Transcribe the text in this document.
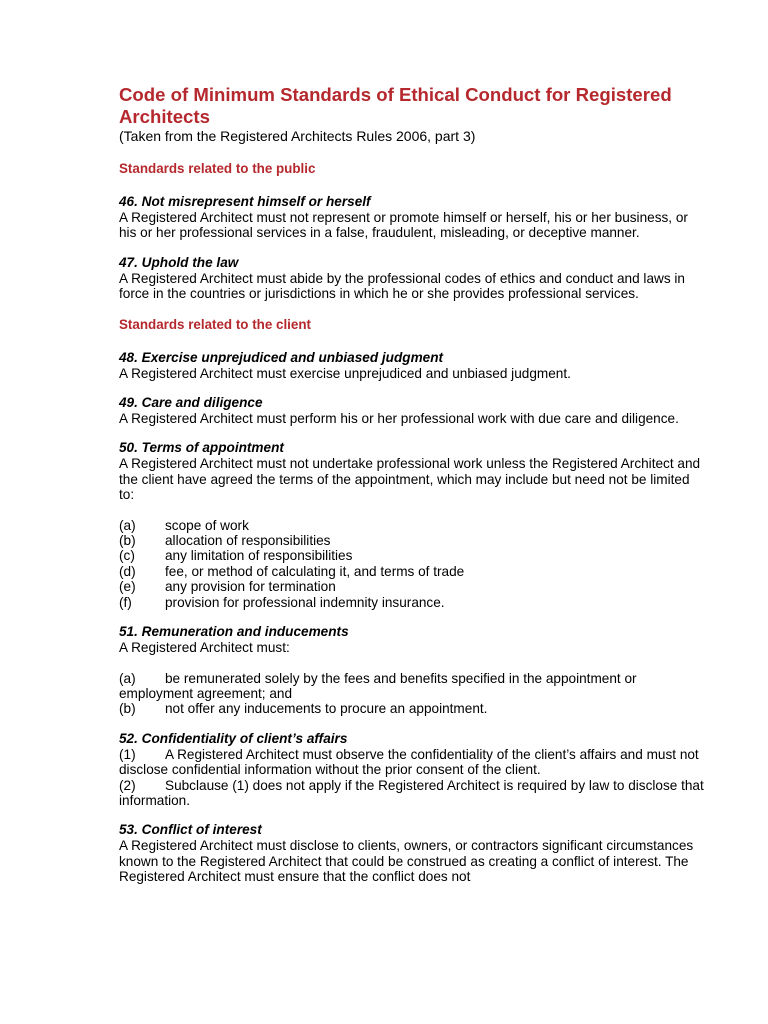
Code of Minimum Standards of Ethical Conduct for Registered Architects

(Taken from the Registered Architects Rules 2006, part 3)

Standards related to the public
46. Not misrepresent himself or herself

A Registered Architect must not represent or promote himself or herself, his or her business, or his or her professional services in a false, fraudulent, misleading, or deceptive manner.

47. Uphold the law

A Registered Architect must abide by the professional codes of ethics and conduct and laws in force in the countries or jurisdictions in which he or she provides professional services.

Standards related to the client
48. Exercise unprejudiced and unbiased judgment

A Registered Architect must exercise unprejudiced and unbiased judgment.

49. Care and diligence

A Registered Architect must perform his or her professional work with due care and diligence.

50. Terms of appointment

A Registered Architect must not undertake professional work unless the Registered Architect and the client have agreed the terms of the appointment, which may include but need not be limited to:

(a) scope of work
(b) allocation of responsibilities
(c) any limitation of responsibilities
(d) fee, or method of calculating it, and terms of trade
(e) any provision for termination
(f) provision for professional indemnity insurance.
51. Remuneration and inducements

A Registered Architect must:

(a) be remunerated solely by the fees and benefits specified in the appointment or employment agreement; and
(b) not offer any inducements to procure an appointment.
52. Confidentiality of client’s affairs
(1) A Registered Architect must observe the confidentiality of the client’s affairs and must not disclose confidential information without the prior consent of the client.
(2) Subclause (1) does not apply if the Registered Architect is required by law to disclose that information.
53. Conflict of interest

A Registered Architect must disclose to clients, owners, or contractors significant circumstances known to the Registered Architect that could be construed as creating a conflict of interest. The Registered Architect must ensure that the conflict does not
